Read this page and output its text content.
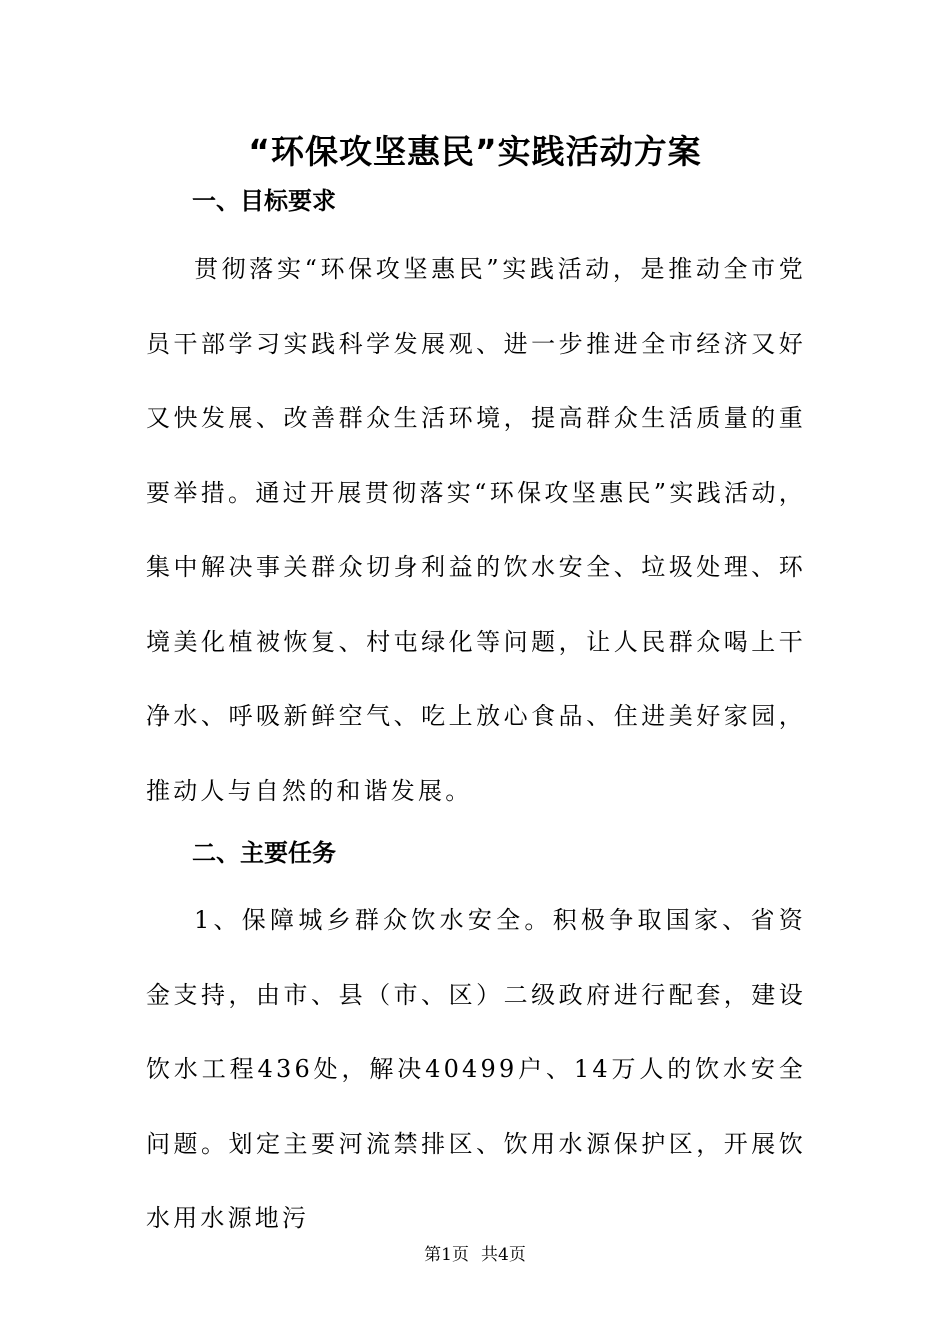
“环保攻坚惠民”实践活动方案
一、目标要求

贯彻落实“环保攻坚惠民”实践活动，是推动全市党员干部学习实践科学发展观、进一步推进全市经济又好又快发展、改善群众生活环境，提高群众生活质量的重要举措。通过开展贯彻落实“环保攻坚惠民”实践活动，集中解决事关群众切身利益的饮水安全、垃圾处理、环境美化植被恢复、村屯绿化等问题，让人民群众喝上干净水、呼吸新鲜空气、吃上放心食品、住进美好家园，推动人与自然的和谐发展。

二、主要任务

1、保障城乡群众饮水安全。积极争取国家、省资金支持，由市、县（市、区）二级政府进行配套，建设饮水工程436处，解决40499户、14万人的饮水安全问题。划定主要河流禁排区、饮用水源保护区，开展饮水用水源地污

第1页 共4页
